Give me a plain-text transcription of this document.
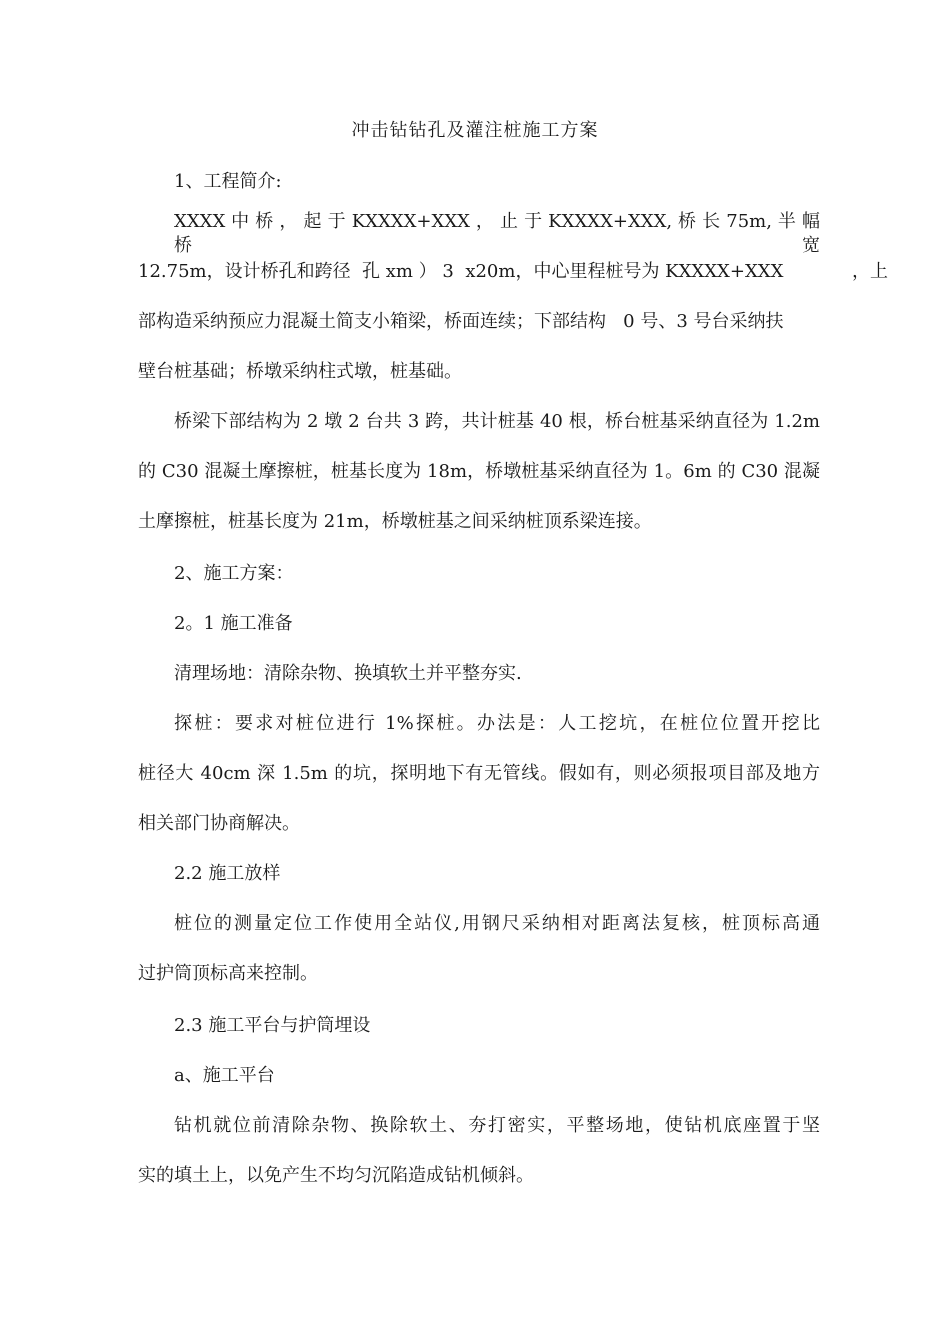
冲击钻钻孔及灌注桩施工方案
1、工程简介:
XXXX 中 桥 ， 起 于 KXXXX+XXX ， 止 于 KXXXX+XXX, 桥 长 75m, 半 幅 桥 宽
12.75m，设计桥孔和跨径  孔 xm ） 3  x20m，中心里程桩号为 KXXXX+XXX            ，上
部构造采纳预应力混凝土简支小箱梁，桥面连续；下部结构   0 号、3 号台采纳扶
壁台桩基础；桥墩采纳柱式墩，桩基础。
桥梁下部结构为 2 墩 2 台共 3 跨，共计桩基 40 根，桥台桩基采纳直径为 1.2m
的 C30 混凝土摩擦桩，桩基长度为 18m，桥墩桩基采纳直径为 1。6m 的 C30 混凝
土摩擦桩，桩基长度为 21m，桥墩桩基之间采纳桩顶系梁连接。
2、施工方案：
2。1 施工准备
清理场地：清除杂物、换填软土并平整夯实.
探桩：要求对桩位进行 1%探桩。办法是：人工挖坑，在桩位位置开挖比
桩径大 40cm 深 1.5m 的坑，探明地下有无管线。假如有，则必须报项目部及地方
相关部门协商解决。
2.2 施工放样
桩位的测量定位工作使用全站仪,用钢尺采纳相对距离法复核，桩顶标高通
过护筒顶标高来控制。
2.3 施工平台与护筒埋设
a、施工平台
钻机就位前清除杂物、换除软土、夯打密实，平整场地，使钻机底座置于坚
实的填土上，以免产生不均匀沉陷造成钻机倾斜。
